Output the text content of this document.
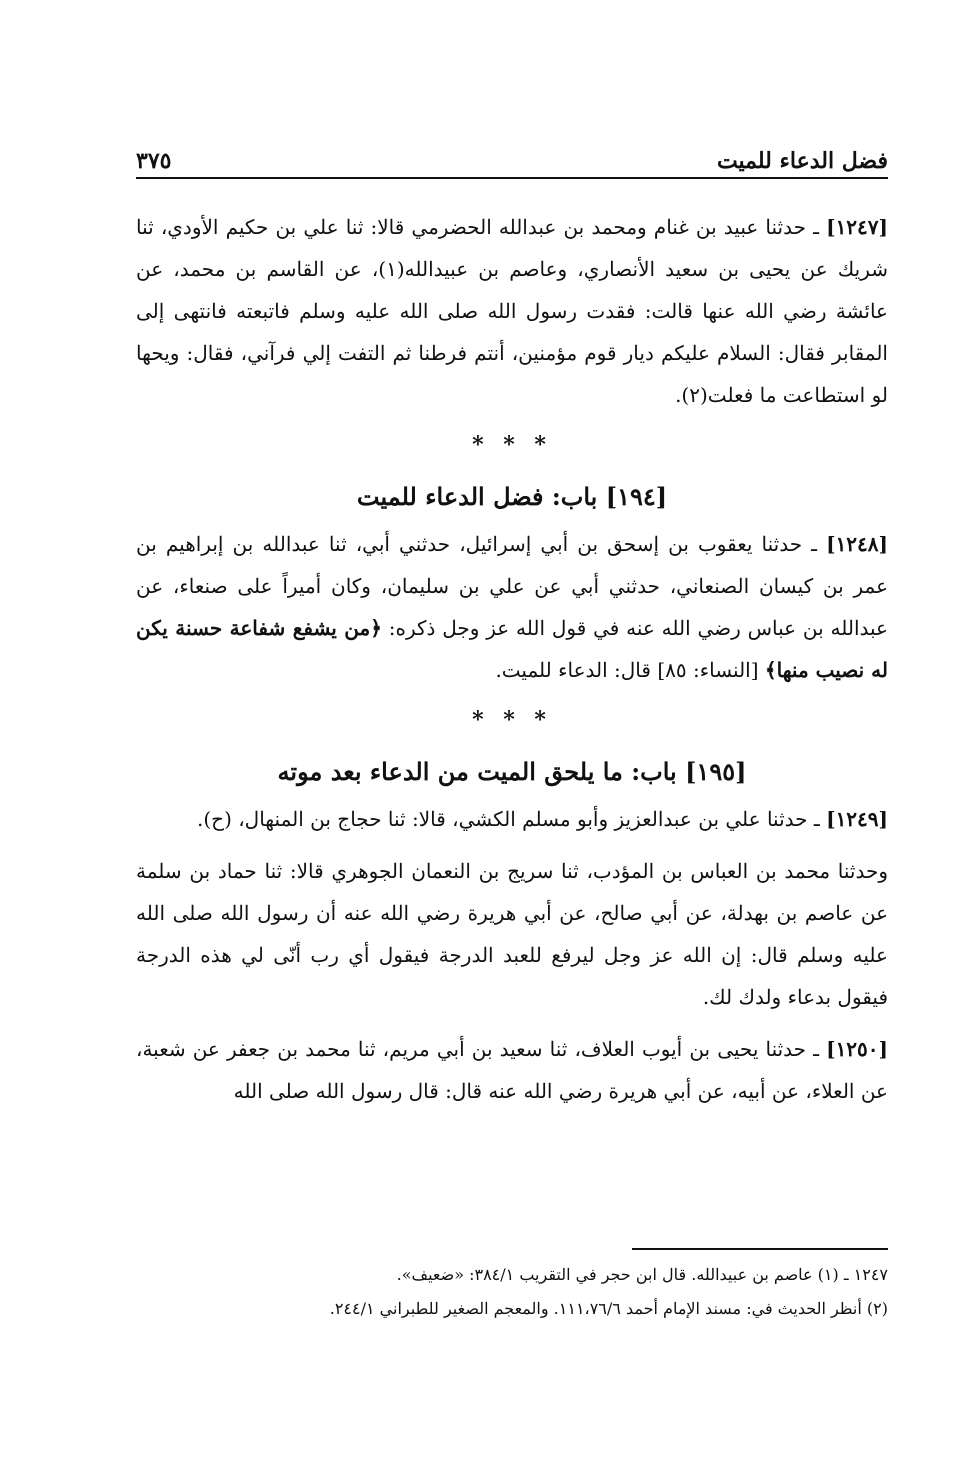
فضل الدعاء للميت
٣٧٥

[١٢٤٧] ـ حدثنا عبيد بن غنام ومحمد بن عبدالله الحضرمي قالا: ثنا علي بن حكيم الأودي، ثنا شريك عن يحيى بن سعيد الأنصاري، وعاصم بن عبيدالله(١)، عن القاسم بن محمد، عن عائشة رضي الله عنها قالت: فقدت رسول الله صلى الله عليه وسلم فاتبعته فانتهى إلى المقابر فقال: السلام عليكم ديار قوم مؤمنين، أنتم فرطنا ثم التفت إلي فرآني، فقال: ويحها لو استطاعت ما فعلت(٢).

* * *
[١٩٤] باب: فضل الدعاء للميت

[١٢٤٨] ـ حدثنا يعقوب بن إسحق بن أبي إسرائيل، حدثني أبي، ثنا عبدالله بن إبراهيم بن عمر بن كيسان الصنعاني، حدثني أبي عن علي بن سليمان، وكان أميراً على صنعاء، عن عبدالله بن عباس رضي الله عنه في قول الله عز وجل ذكره: ﴿من يشفع شفاعة حسنة يكن له نصيب منها﴾ [النساء: ٨٥] قال: الدعاء للميت.

* * *
[١٩٥] باب: ما يلحق الميت من الدعاء بعد موته

[١٢٤٩] ـ حدثنا علي بن عبدالعزيز وأبو مسلم الكشي، قالا: ثنا حجاج بن المنهال، (ح).

وحدثنا محمد بن العباس بن المؤدب، ثنا سريج بن النعمان الجوهري قالا: ثنا حماد بن سلمة عن عاصم بن بهدلة، عن أبي صالح، عن أبي هريرة رضي الله عنه أن رسول الله صلى الله عليه وسلم قال: إن الله عز وجل ليرفع للعبد الدرجة فيقول أي رب أنّى لي هذه الدرجة فيقول بدعاء ولدك لك.

[١٢٥٠] ـ حدثنا يحيى بن أيوب العلاف، ثنا سعيد بن أبي مريم، ثنا محمد بن جعفر عن شعبة، عن العلاء، عن أبيه، عن أبي هريرة رضي الله عنه قال: قال رسول الله صلى الله

١٢٤٧ ـ (١) عاصم بن عبيدالله. قال ابن حجر في التقريب ٣٨٤/١: «ضعيف».

(٢) أنظر الحديث في: مسند الإمام أحمد ١١١،٧٦/٦. والمعجم الصغير للطبراني ٢٤٤/١.
